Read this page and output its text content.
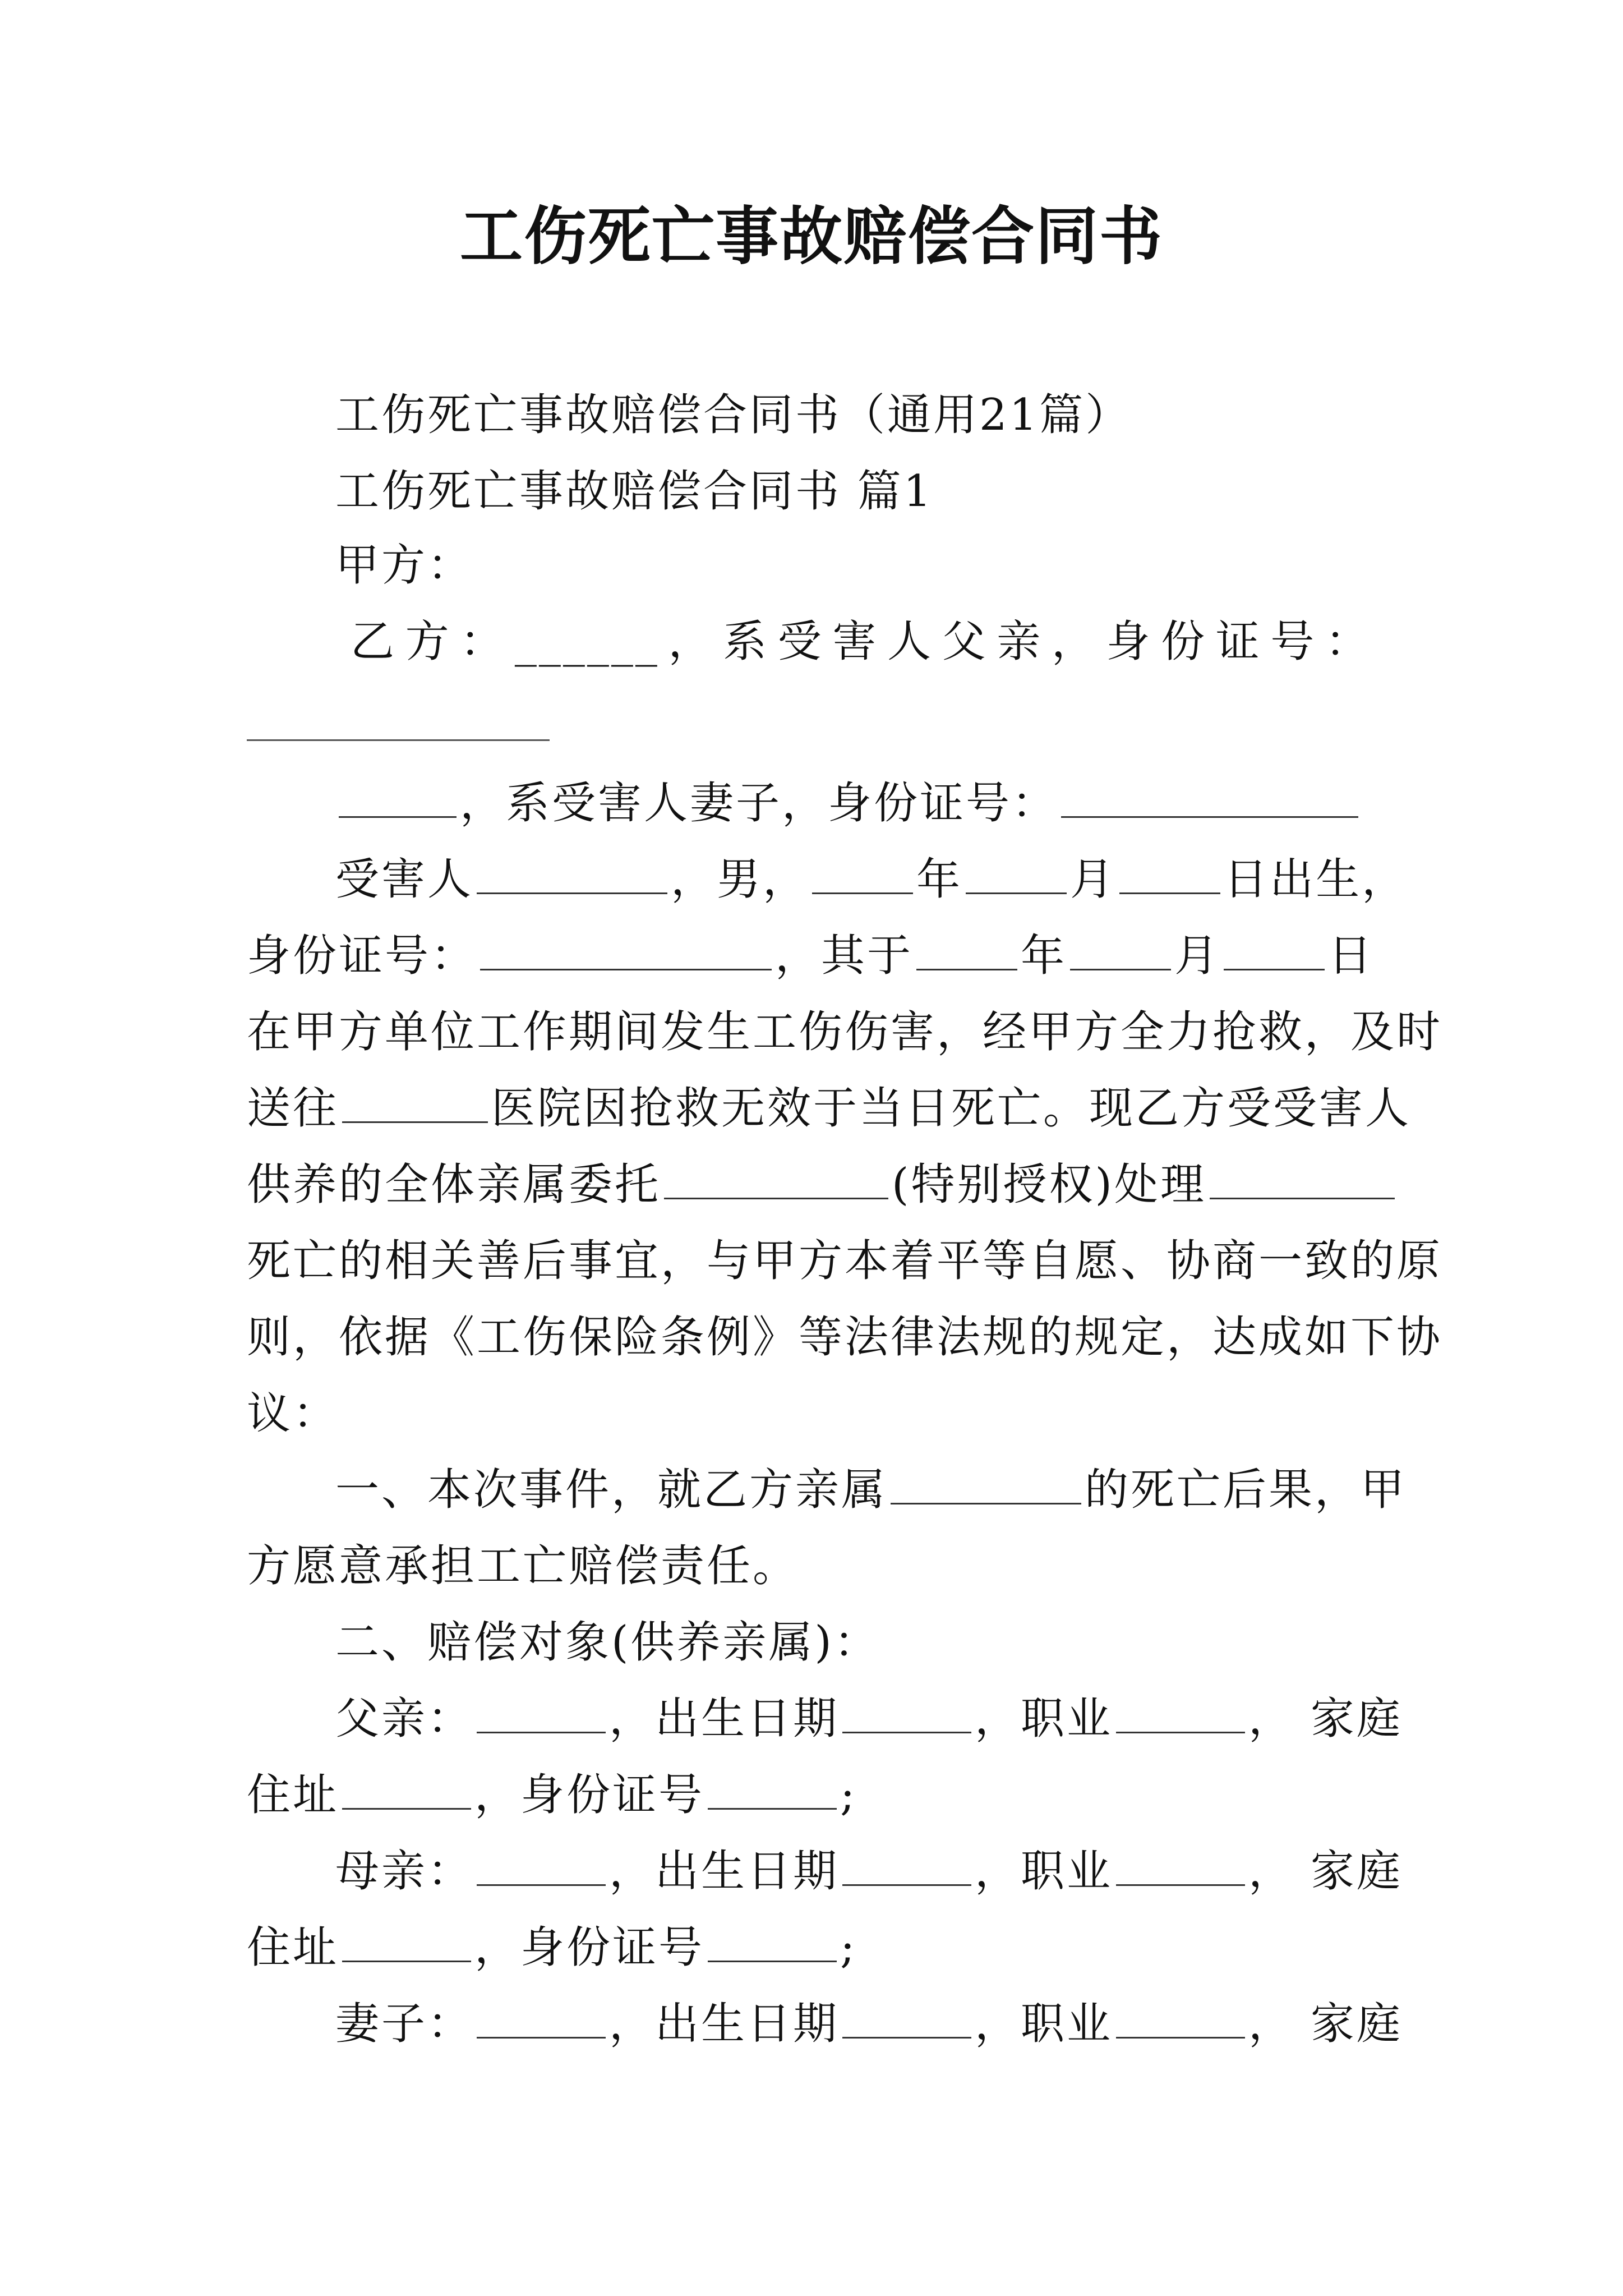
工伤死亡事故赔偿合同书
工伤死亡事故赔偿合同书（通用21篇）
工伤死亡事故赔偿合同书 篇1
甲方：
乙 方 ： ______ ， 系 受 害 人 父 亲 ， 身 份 证 号 ：
，系受害人妻子，身份证号：
受害人	，男， 年 月 日出生，
身份证号：	，其于 年 月 日
在甲方单位工作期间发生工伤伤害，经甲方全力抢救，及时
送往	医院因抢救无效于当日死亡。现乙方受受害人
供养的全体亲属委托	(特别授权)处理
死亡的相关善后事宜，与甲方本着平等自愿、协商一致的原
则，依据《工伤保险条例》等法律法规的规定，达成如下协
议：
一、本次事件，就乙方亲属	的死亡后果，甲
方愿意承担工亡赔偿责任。
二、赔偿对象(供养亲属)：
父亲：	，出生日期	，职业	， 家庭
住址	，身份证号	;
母亲：	，出生日期	，职业	， 家庭
住址	，身份证号	;
妻子：	，出生日期	，职业	， 家庭
